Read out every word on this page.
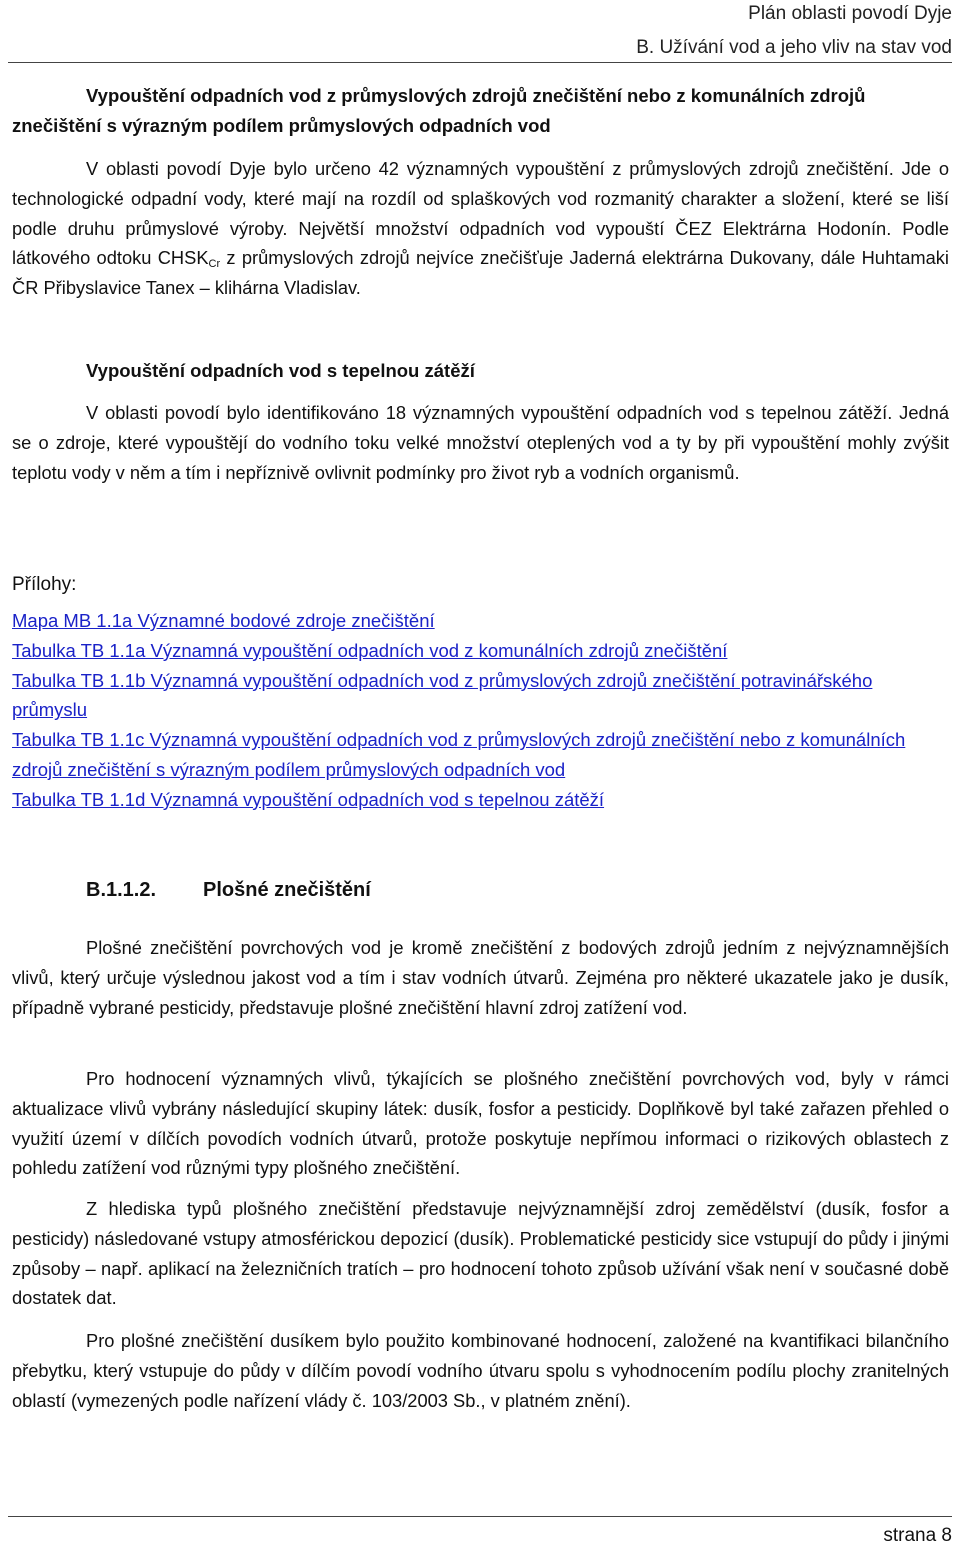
Plán oblasti povodí Dyje
B. Užívání vod a jeho vliv na stav vod
Vypouštění odpadních vod z průmyslových zdrojů znečištění nebo z komunálních zdrojů znečištění s výrazným podílem průmyslových odpadních vod
V oblasti povodí Dyje bylo určeno 42 významných vypouštění z průmyslových zdrojů znečištění. Jde o technologické odpadní vody, které mají na rozdíl od splaškových vod rozmanitý charakter a složení, které se liší podle druhu průmyslové výroby. Největší množství odpadních vod vypouští ČEZ Elektrárna Hodonín. Podle látkového odtoku $CHSK_{Cr}$ z průmyslových zdrojů nejvíce znečišťuje Jaderná elektrárna Dukovany, dále Huhtamaki ČR Přibyslavice Tanex – klihárna Vladislav.
Vypouštění odpadních vod s tepelnou zátěží
V oblasti povodí bylo identifikováno 18 významných vypouštění odpadních vod s tepelnou zátěží. Jedná se o zdroje, které vypouštějí do vodního toku velké množství oteplených vod a ty by při vypouštění mohly zvýšit teplotu vody v něm a tím i nepříznivě ovlivnit podmínky pro život ryb a vodních organismů.
Přílohy:
Mapa MB 1.1a Významné bodové zdroje znečištění
Tabulka TB 1.1a Významná vypouštění odpadních vod z komunálních zdrojů znečištění
Tabulka TB 1.1b Významná vypouštění odpadních vod z průmyslových zdrojů znečištění potravinářského průmyslu
Tabulka TB 1.1c Významná vypouštění odpadních vod z průmyslových zdrojů znečištění nebo z komunálních zdrojů znečištění s výrazným podílem průmyslových odpadních vod
Tabulka TB 1.1d Významná vypouštění odpadních vod s tepelnou zátěží
B.1.1.2. Plošné znečištění
Plošné znečištění povrchových vod je kromě znečištění z bodových zdrojů jedním z nejvýznamnějších vlivů, který určuje výslednou jakost vod a tím i stav vodních útvarů. Zejména pro některé ukazatele jako je dusík, případně vybrané pesticidy, představuje plošné znečištění hlavní zdroj zatížení vod.
Pro hodnocení významných vlivů, týkajících se plošného znečištění povrchových vod, byly v rámci aktualizace vlivů vybrány následující skupiny látek: dusík, fosfor a pesticidy. Doplňkově byl také zařazen přehled o využití území v dílčích povodích vodních útvarů, protože poskytuje nepřímou informaci o rizikových oblastech z pohledu zatížení vod různými typy plošného znečištění.
Z hlediska typů plošného znečištění představuje nejvýznamnější zdroj zemědělství (dusík, fosfor a pesticidy) následované vstupy atmosférickou depozicí (dusík). Problematické pesticidy sice vstupují do půdy i jinými způsoby – např. aplikací na železničních tratích – pro hodnocení tohoto způsob užívání však není v současné době dostatek dat.
Pro plošné znečištění dusíkem bylo použito kombinované hodnocení, založené na kvantifikaci bilančního přebytku, který vstupuje do půdy v dílčím povodí vodního útvaru spolu s vyhodnocením podílu plochy zranitelných oblastí (vymezených podle nařízení vlády č. 103/2003 Sb., v platném znění).
strana 8
